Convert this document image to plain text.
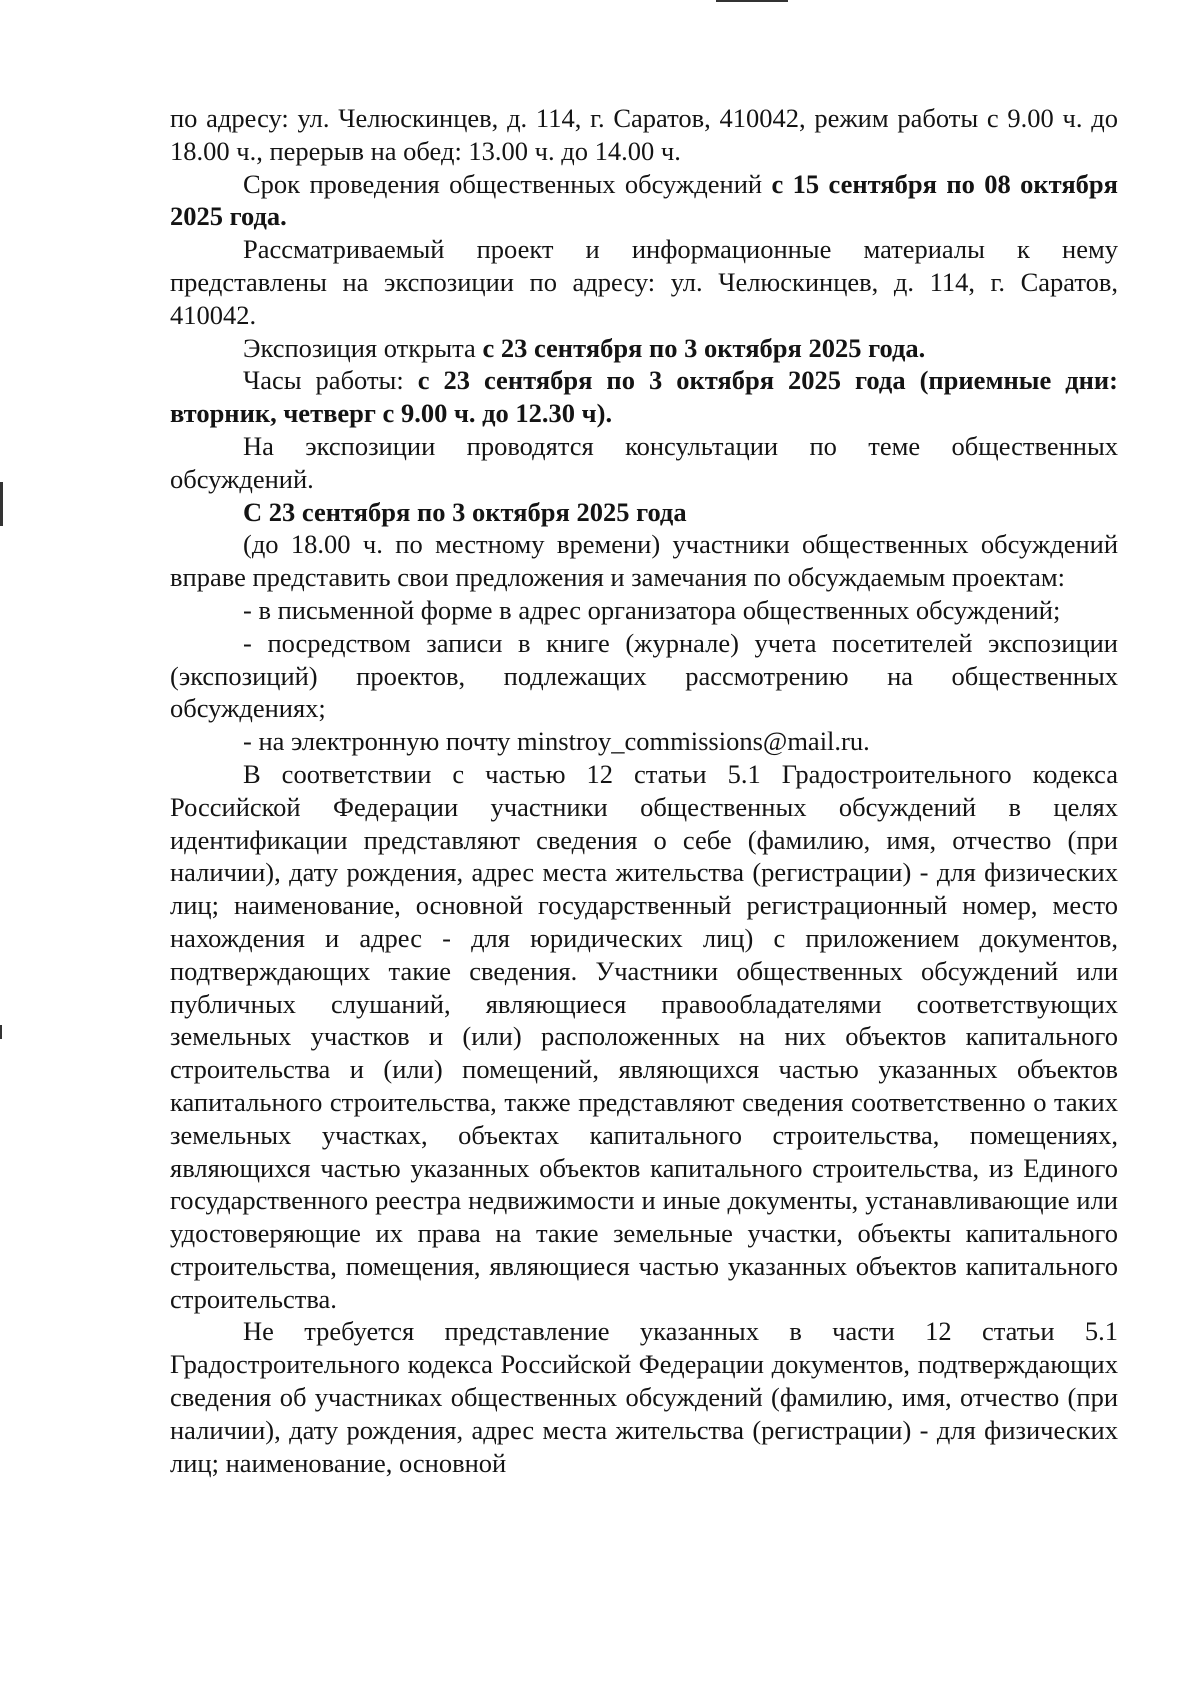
по адресу: ул. Челюскинцев, д. 114, г. Саратов, 410042, режим работы с 9.00 ч. до 18.00 ч., перерыв на обед: 13.00 ч. до 14.00 ч.

Срок проведения общественных обсуждений с 15 сентября по 08 октября 2025 года.

Рассматриваемый проект и информационные материалы к нему представлены на экспозиции по адресу: ул. Челюскинцев, д. 114, г. Саратов, 410042.

Экспозиция открыта с 23 сентября по 3 октября 2025 года.

Часы работы: с 23 сентября по 3 октября 2025 года (приемные дни: вторник, четверг с 9.00 ч. до 12.30 ч).

На экспозиции проводятся консультации по теме общественных обсуждений.

С 23 сентября по 3 октября 2025 года

(до 18.00 ч. по местному времени) участники общественных обсуждений вправе представить свои предложения и замечания по обсуждаемым проектам:

- в письменной форме в адрес организатора общественных обсуждений;

- посредством записи в книге (журнале) учета посетителей экспозиции (экспозиций) проектов, подлежащих рассмотрению на общественных обсуждениях;

- на электронную почту minstroy_commissions@mail.ru.

В соответствии с частью 12 статьи 5.1 Градостроительного кодекса Российской Федерации участники общественных обсуждений в целях идентификации представляют сведения о себе (фамилию, имя, отчество (при наличии), дату рождения, адрес места жительства (регистрации) - для физических лиц; наименование, основной государственный регистрационный номер, место нахождения и адрес - для юридических лиц) с приложением документов, подтверждающих такие сведения. Участники общественных обсуждений или публичных слушаний, являющиеся правообладателями соответствующих земельных участков и (или) расположенных на них объектов капитального строительства и (или) помещений, являющихся частью указанных объектов капитального строительства, также представляют сведения соответственно о таких земельных участках, объектах капитального строительства, помещениях, являющихся частью указанных объектов капитального строительства, из Единого государственного реестра недвижимости и иные документы, устанавливающие или удостоверяющие их права на такие земельные участки, объекты капитального строительства, помещения, являющиеся частью указанных объектов капитального строительства.

Не требуется представление указанных в части 12 статьи 5.1 Градостроительного кодекса Российской Федерации документов, подтверждающих сведения об участниках общественных обсуждений (фамилию, имя, отчество (при наличии), дату рождения, адрес места жительства (регистрации) - для физических лиц; наименование, основной
